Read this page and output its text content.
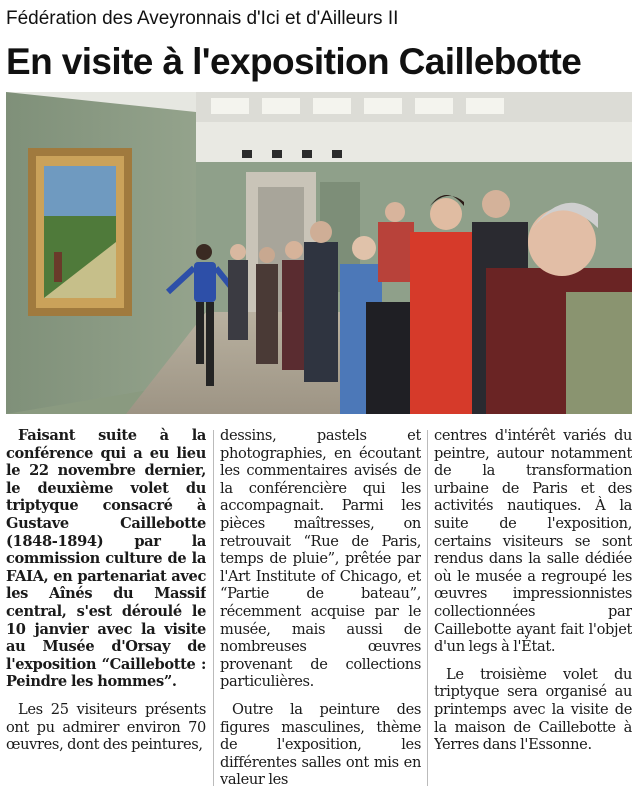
Fédération des Aveyronnais d'Ici et d'Ailleurs II
En visite à l'exposition Caillebotte

Faisant suite à la conférence qui a eu lieu le 22 novembre dernier, le deuxième volet du triptyque consacré à Gustave Caillebotte (1848-1894) par la commission culture de la FAIA, en partenariat avec les Aînés du Massif central, s'est déroulé le 10 janvier avec la visite au Musée d'Orsay de l'exposition “Caillebotte : Peindre les hommes”.

Les 25 visiteurs présents ont pu admirer environ 70 œuvres, dont des peintures,

dessins, pastels et photographies, en écoutant les commentaires avisés de la conférencière qui les accompagnait. Parmi les pièces maîtresses, on retrouvait “Rue de Paris, temps de pluie”, prêtée par l'Art Institute of Chicago, et “Partie de bateau”, récemment acquise par le musée, mais aussi de nombreuses œuvres provenant de collections particulières.

Outre la peinture des figures masculines, thème de l'exposition, les différentes salles ont mis en valeur les

centres d'intérêt variés du peintre, autour notamment de la transformation urbaine de Paris et des activités nautiques. À la suite de l'exposition, certains visiteurs se sont rendus dans la salle dédiée où le musée a regroupé les œuvres impressionnistes collectionnées par Caillebotte ayant fait l'objet d'un legs à l'État.

Le troisième volet du triptyque sera organisé au printemps avec la visite de la maison de Caillebotte à Yerres dans l'Essonne.
